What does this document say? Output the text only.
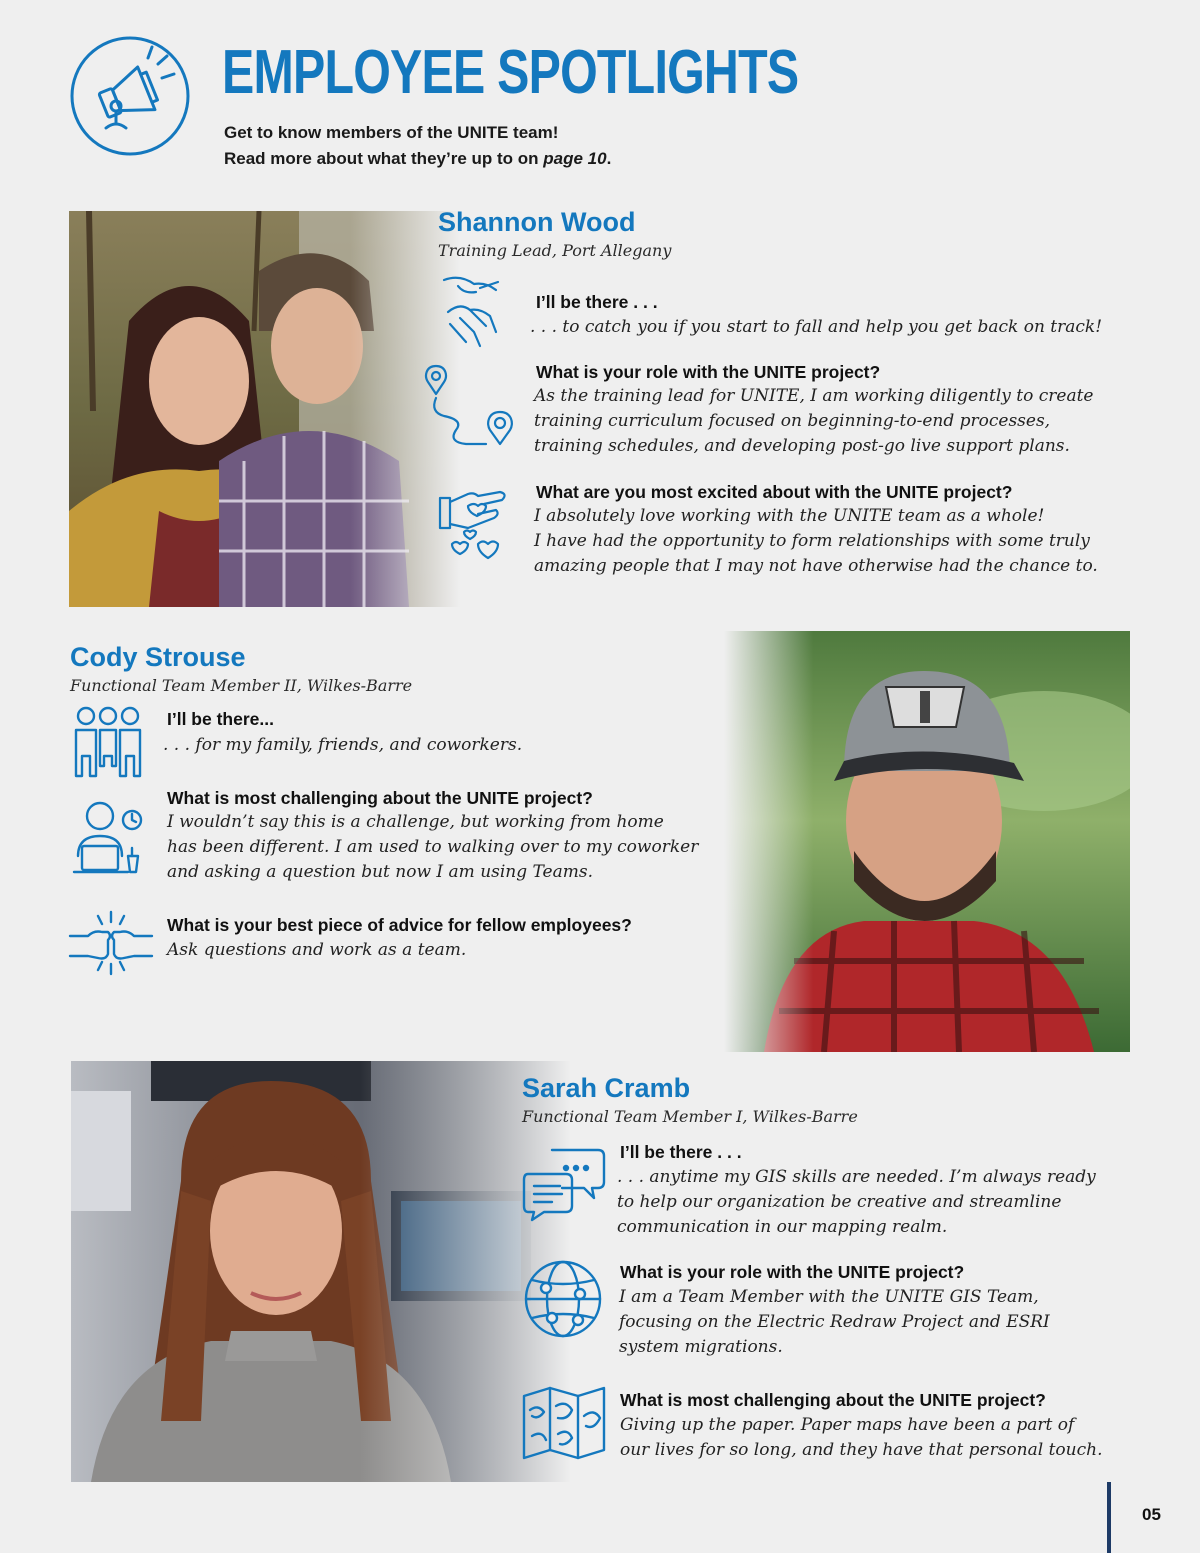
EMPLOYEE SPOTLIGHTS
Get to know members of the UNITE team!
Read more about what they’re up to on page 10.
Shannon Wood
Training Lead, Port Allegany
I’ll be there . . .
. . . to catch you if you start to fall and help you get back on track!
What is your role with the UNITE project?
As the training lead for UNITE, I am working diligently to create
training curriculum focused on beginning-to-end processes,
training schedules, and developing post-go live support plans.
What are you most excited about with the UNITE project?
I absolutely love working with the UNITE team as a whole!
I have had the opportunity to form relationships with some truly
amazing people that I may not have otherwise had the chance to.
Cody Strouse
Functional Team Member II, Wilkes-Barre
I’ll be there...
. . . for my family, friends, and coworkers.
What is most challenging about the UNITE project?
I wouldn’t say this is a challenge, but working from home
has been different. I am used to walking over to my coworker
and asking a question but now I am using Teams.
What is your best piece of advice for fellow employees?
Ask questions and work as a team.
Sarah Cramb
Functional Team Member I, Wilkes-Barre
I’ll be there . . .
. . . anytime my GIS skills are needed. I’m always ready
to help our organization be creative and streamline
communication in our mapping realm.
What is your role with the UNITE project?
I am a Team Member with the UNITE GIS Team,
focusing on the Electric Redraw Project and ESRI
system migrations.
What is most challenging about the UNITE project?
Giving up the paper. Paper maps have been a part of
our lives for so long, and they have that personal touch.
05
